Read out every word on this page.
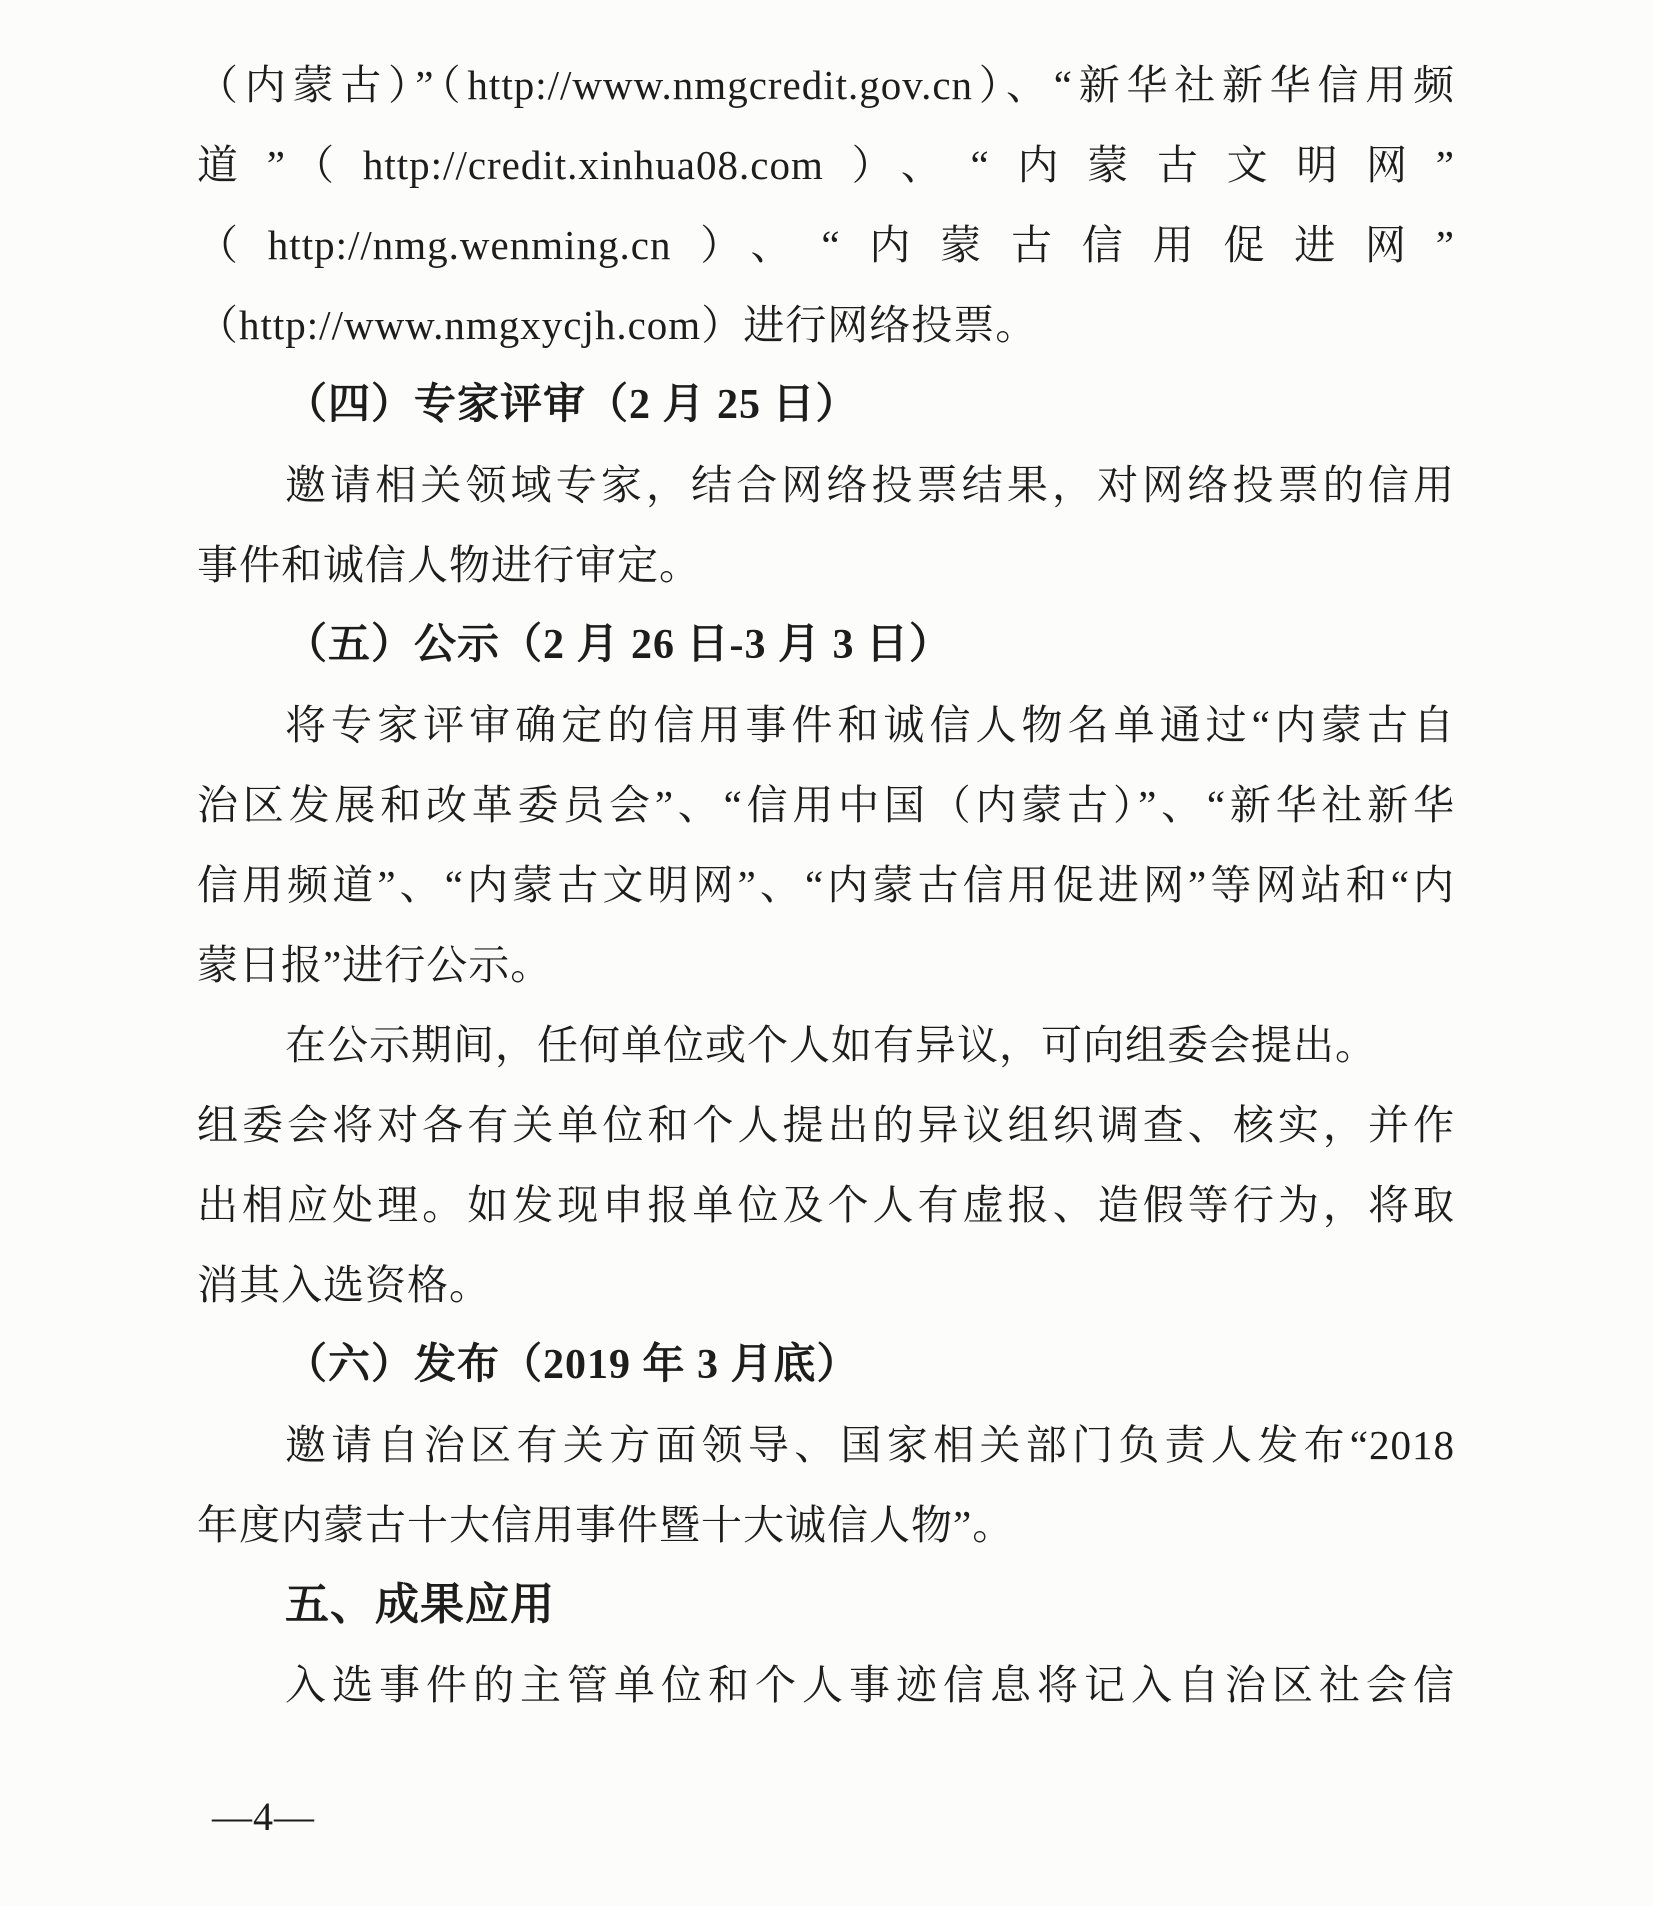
（内蒙古）”（http://www.nmgcredit.gov.cn）、“新华社新华信用频
道”（http://credit.xinhua08.com）、“内蒙古文明网”
（http://nmg.wenming.cn）、“内蒙古信用促进网”
（http://www.nmgxycjh.com）进行网络投票。
（四）专家评审（2 月 25 日）
邀请相关领域专家，结合网络投票结果，对网络投票的信用
事件和诚信人物进行审定。
（五）公示（2 月 26 日-3 月 3 日）
将专家评审确定的信用事件和诚信人物名单通过“内蒙古自
治区发展和改革委员会”、“信用中国（内蒙古）”、“新华社新华
信用频道”、“内蒙古文明网”、“内蒙古信用促进网”等网站和“内
蒙日报”进行公示。
在公示期间，任何单位或个人如有异议，可向组委会提出。
组委会将对各有关单位和个人提出的异议组织调查、核实，并作
出相应处理。如发现申报单位及个人有虚报、造假等行为，将取
消其入选资格。
（六）发布（2019 年 3 月底）
邀请自治区有关方面领导、国家相关部门负责人发布“2018
年度内蒙古十大信用事件暨十大诚信人物”。
五、成果应用
入选事件的主管单位和个人事迹信息将记入自治区社会信
—4—
